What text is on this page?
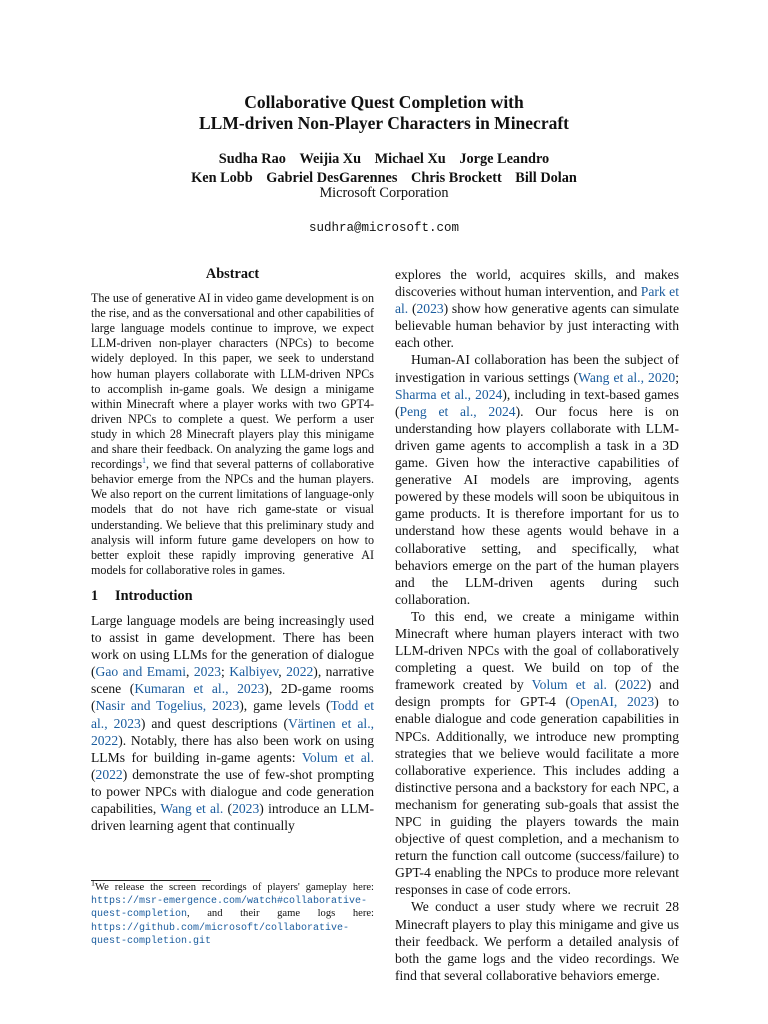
Collaborative Quest Completion with
LLM-driven Non-Player Characters in Minecraft
Sudha Rao Weijia Xu Michael Xu Jorge Leandro
Ken Lobb Gabriel DesGarennes Chris Brockett Bill Dolan
Microsoft Corporation
sudhra@microsoft.com
Abstract

The use of generative AI in video game development is on the rise, and as the conversational and other capabilities of large language models continue to improve, we expect LLM-driven non-player characters (NPCs) to become widely deployed. In this paper, we seek to understand how human players collaborate with LLM-driven NPCs to accomplish in-game goals. We design a minigame within Minecraft where a player works with two GPT4-driven NPCs to complete a quest. We perform a user study in which 28 Minecraft players play this minigame and share their feedback. On analyzing the game logs and recordings$^1$, we find that several patterns of collaborative behavior emerge from the NPCs and the human players. We also report on the current limitations of language-only models that do not have rich game-state or visual understanding. We believe that this preliminary study and analysis will inform future game developers on how to better exploit these rapidly improving generative AI models for collaborative roles in games.

1 Introduction

Large language models are being increasingly used to assist in game development. There has been work on using LLMs for the generation of dialogue (Gao and Emami, 2023; Kalbiyev, 2022), narrative scene (Kumaran et al., 2023), 2D-game rooms (Nasir and Togelius, 2023), game levels (Todd et al., 2023) and quest descriptions (Värtinen et al., 2022). Notably, there has also been work on using LLMs for building in-game agents: Volum et al. (2022) demonstrate the use of few-shot prompting to power NPCs with dialogue and code generation capabilities, Wang et al. (2023) introduce an LLM-driven learning agent that continually

explores the world, acquires skills, and makes discoveries without human intervention, and Park et al. (2023) show how generative agents can simulate believable human behavior by just interacting with each other.

Human-AI collaboration has been the subject of investigation in various settings (Wang et al., 2020; Sharma et al., 2024), including in text-based games (Peng et al., 2024). Our focus here is on understanding how players collaborate with LLM-driven game agents to accomplish a task in a 3D game. Given how the interactive capabilities of generative AI models are improving, agents powered by these models will soon be ubiquitous in game products. It is therefore important for us to understand how these agents would behave in a collaborative setting, and specifically, what behaviors emerge on the part of the human players and the LLM-driven agents during such collaboration.

To this end, we create a minigame within Minecraft where human players interact with two LLM-driven NPCs with the goal of collaboratively completing a quest. We build on top of the framework created by Volum et al. (2022) and design prompts for GPT-4 (OpenAI, 2023) to enable dialogue and code generation capabilities in NPCs. Additionally, we introduce new prompting strategies that we believe would facilitate a more collaborative experience. This includes adding a distinctive persona and a backstory for each NPC, a mechanism for generating sub-goals that assist the NPC in guiding the players towards the main objective of quest completion, and a mechanism to return the function call outcome (success/failure) to GPT-4 enabling the NPCs to produce more relevant responses in case of code errors.

We conduct a user study where we recruit 28 Minecraft players to play this minigame and give us their feedback. We perform a detailed analysis of both the game logs and the video recordings. We find that several collaborative behaviors emerge.

$^1$We release the screen recordings of players' gameplay here: https://msr-emergence.com/watch#collaborative-quest-completion, and their game logs here: https://github.com/microsoft/collaborative-quest-completion.git
